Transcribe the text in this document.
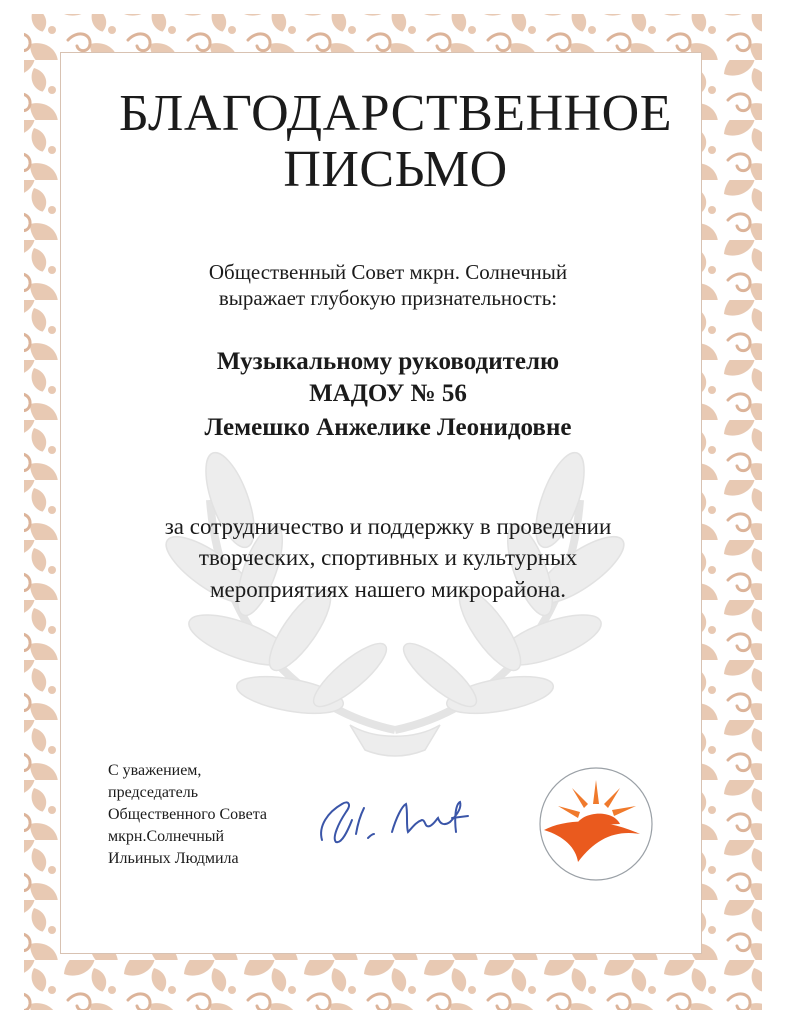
БЛАГОДАРСТВЕННОЕ
ПИСЬМО
Общественный Совет мкрн. Солнечный
выражает глубокую признательность:
Музыкальному руководителю
МАДОУ № 56
Лемешко Анжелике Леонидовне
за сотрудничество и поддержку в проведении
творческих, спортивных и культурных
мероприятиях нашего микрорайона.
С уважением,
председатель
Общественного Совета
мкрн.Солнечный
Ильиных Людмила
